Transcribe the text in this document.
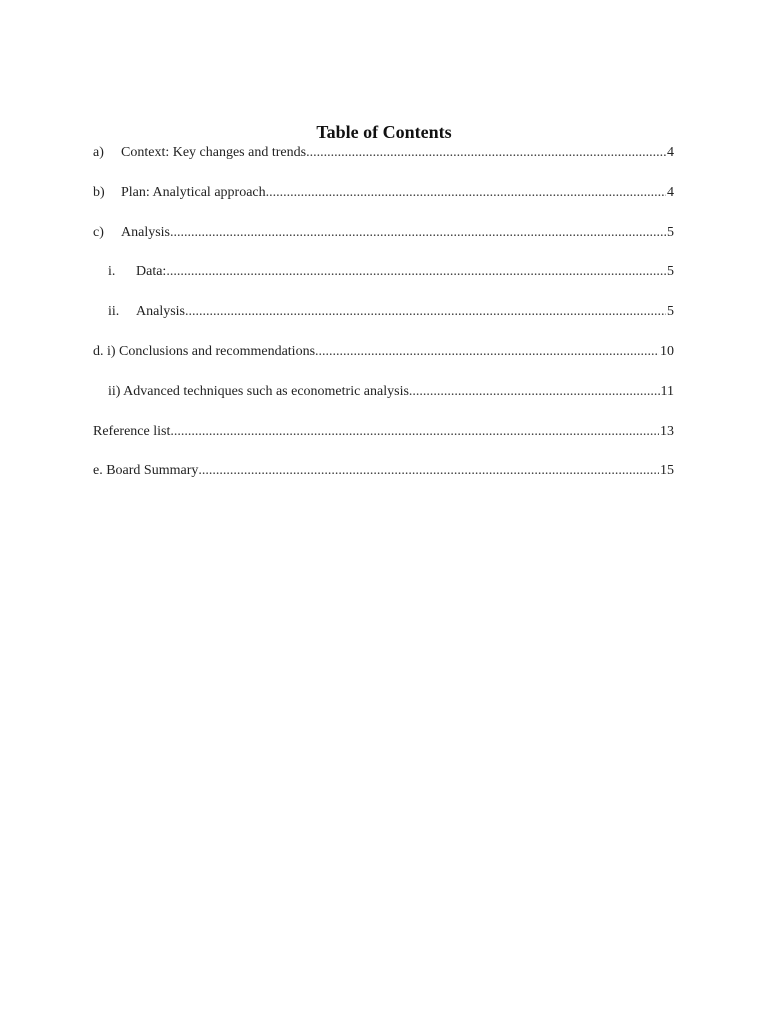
Table of Contents
a)	Context: Key changes and trends .....	4
b)	Plan: Analytical approach .....	4
c)	Analysis .....	5
i.	Data: .....	5
ii.	Analysis .....	5
d. i) Conclusions and recommendations .....	10
ii) Advanced techniques such as econometric analysis .....	11
Reference list .....	13
e. Board Summary .....	15
